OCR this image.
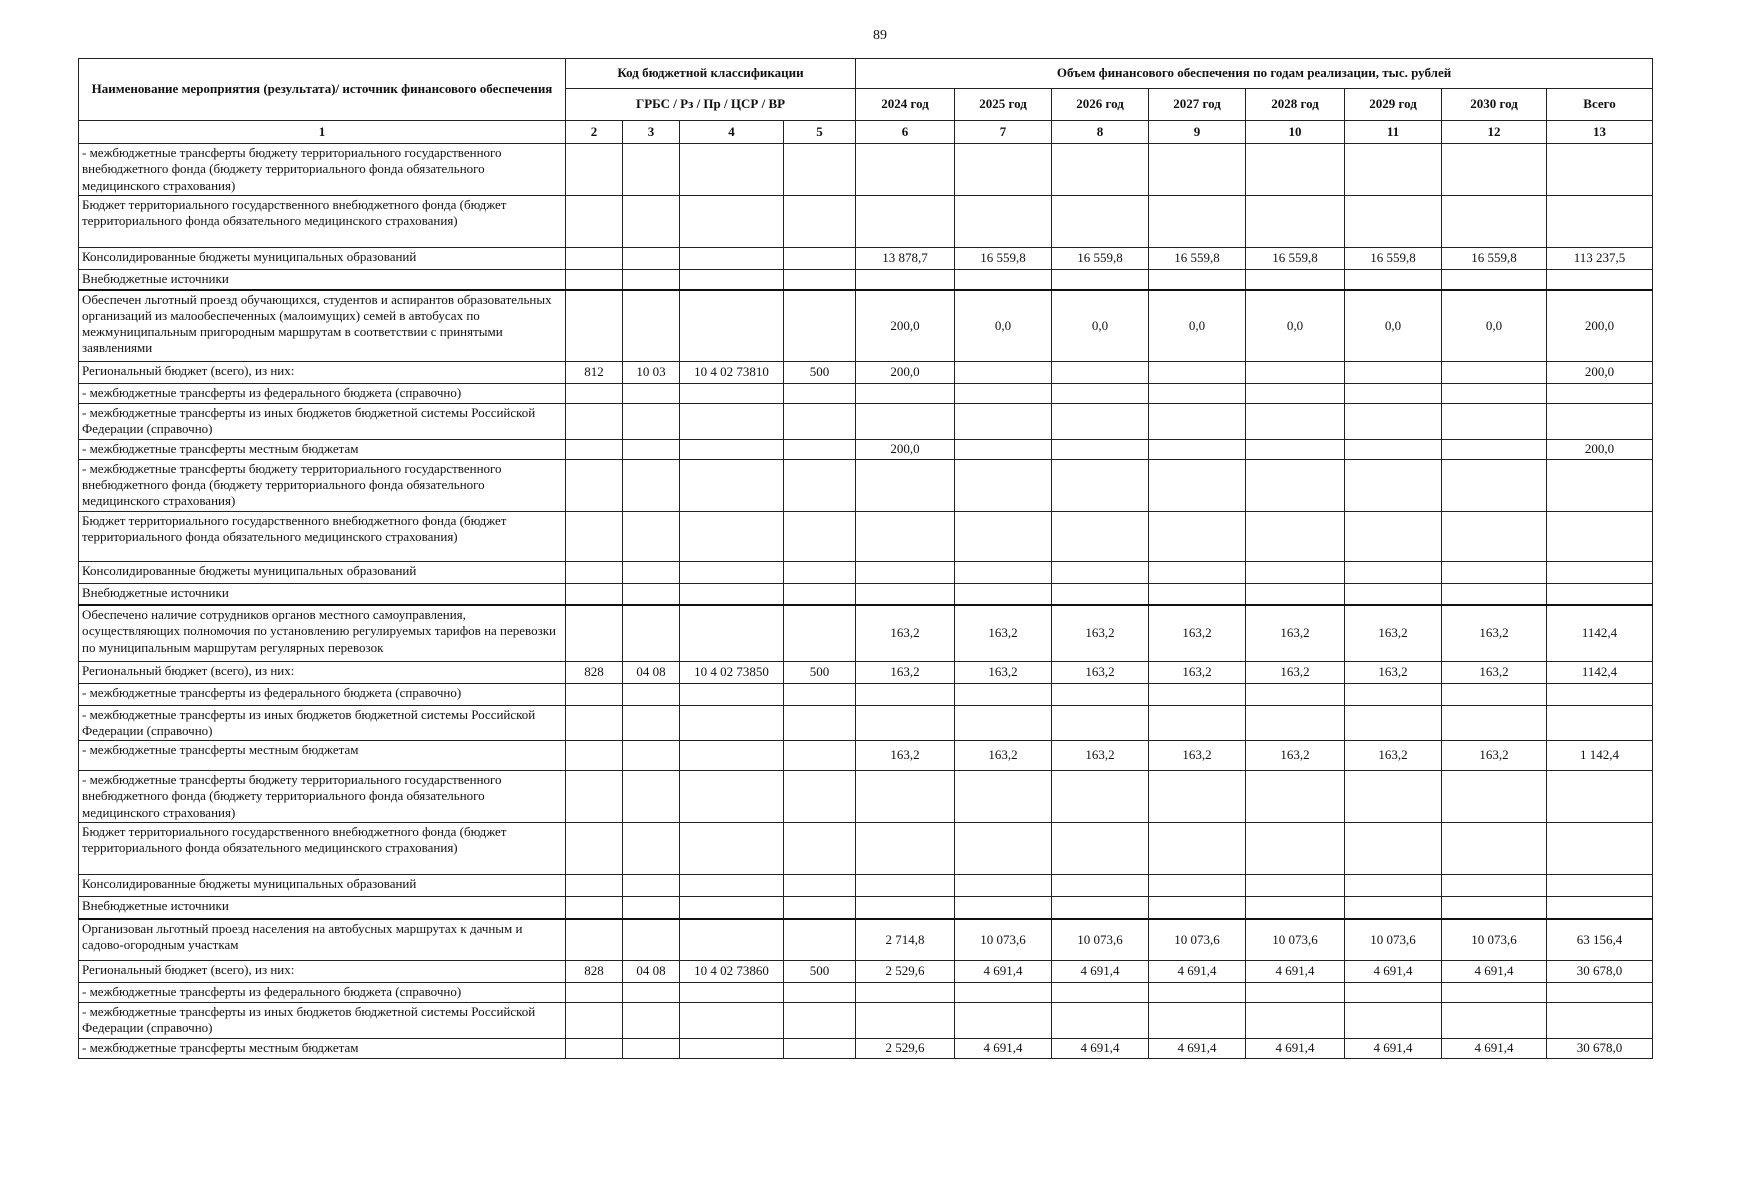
89
Наименование мероприятия (результата)/ источник финансового обеспечения	Код бюджетной классификации				Объем финансового обеспечения по годам реализации, тыс. рублей							
	ГРБС / Рз / Пр / ЦСР / ВР				2024 год	2025 год	2026 год	2027 год	2028 год	2029 год	2030 год	Всего
1	2	3	4	5	6	7	8	9	10	11	12	13
- межбюджетные трансферты бюджету территориального государственного внебюджетного фонда (бюджету территориального фонда обязательного медицинского страхования)												
Бюджет территориального государственного внебюджетного фонда (бюджет территориального фонда обязательного медицинского страхования)												
Консолидированные бюджеты муниципальных образований					13 878,7	16 559,8	16 559,8	16 559,8	16 559,8	16 559,8	16 559,8	113 237,5
Внебюджетные источники												
Обеспечен льготный проезд обучающихся, студентов и аспирантов образовательных организаций из малообеспеченных (малоимущих) семей в автобусах по межмуниципальным пригородным маршрутам в соответствии с принятыми заявлениями					200,0	0,0	0,0	0,0	0,0	0,0	0,0	200,0
Региональный бюджет (всего), из них:	812	10 03	10 4 02 73810	500	200,0							200,0
- межбюджетные трансферты из федерального бюджета (справочно)												
- межбюджетные трансферты из иных бюджетов бюджетной системы Российской Федерации (справочно)												
- межбюджетные трансферты местным бюджетам					200,0							200,0
- межбюджетные трансферты бюджету территориального государственного внебюджетного фонда (бюджету территориального фонда обязательного медицинского страхования)												
Бюджет территориального государственного внебюджетного фонда (бюджет территориального фонда обязательного медицинского страхования)												
Консолидированные бюджеты муниципальных образований												
Внебюджетные источники												
Обеспечено наличие сотрудников органов местного самоуправления, осуществляющих полномочия по установлению регулируемых тарифов на перевозки по муниципальным маршрутам регулярных перевозок					163,2	163,2	163,2	163,2	163,2	163,2	163,2	1142,4
Региональный бюджет (всего), из них:	828	04 08	10 4 02 73850	500	163,2	163,2	163,2	163,2	163,2	163,2	163,2	1142,4
- межбюджетные трансферты из федерального бюджета (справочно)												
- межбюджетные трансферты из иных бюджетов бюджетной системы Российской Федерации (справочно)												
- межбюджетные трансферты местным бюджетам					163,2	163,2	163,2	163,2	163,2	163,2	163,2	1 142,4
- межбюджетные трансферты бюджету территориального государственного внебюджетного фонда (бюджету территориального фонда обязательного медицинского страхования)												
Бюджет территориального государственного внебюджетного фонда (бюджет территориального фонда обязательного медицинского страхования)												
Консолидированные бюджеты муниципальных образований												
Внебюджетные источники												
Организован льготный проезд населения на автобусных маршрутах к дачным и садово-огородным участкам					2 714,8	10 073,6	10 073,6	10 073,6	10 073,6	10 073,6	10 073,6	63 156,4
Региональный бюджет (всего), из них:	828	04 08	10 4 02 73860	500	2 529,6	4 691,4	4 691,4	4 691,4	4 691,4	4 691,4	4 691,4	30 678,0
- межбюджетные трансферты из федерального бюджета (справочно)												
- межбюджетные трансферты из иных бюджетов бюджетной системы Российской Федерации (справочно)												
- межбюджетные трансферты местным бюджетам					2 529,6	4 691,4	4 691,4	4 691,4	4 691,4	4 691,4	4 691,4	30 678,0
